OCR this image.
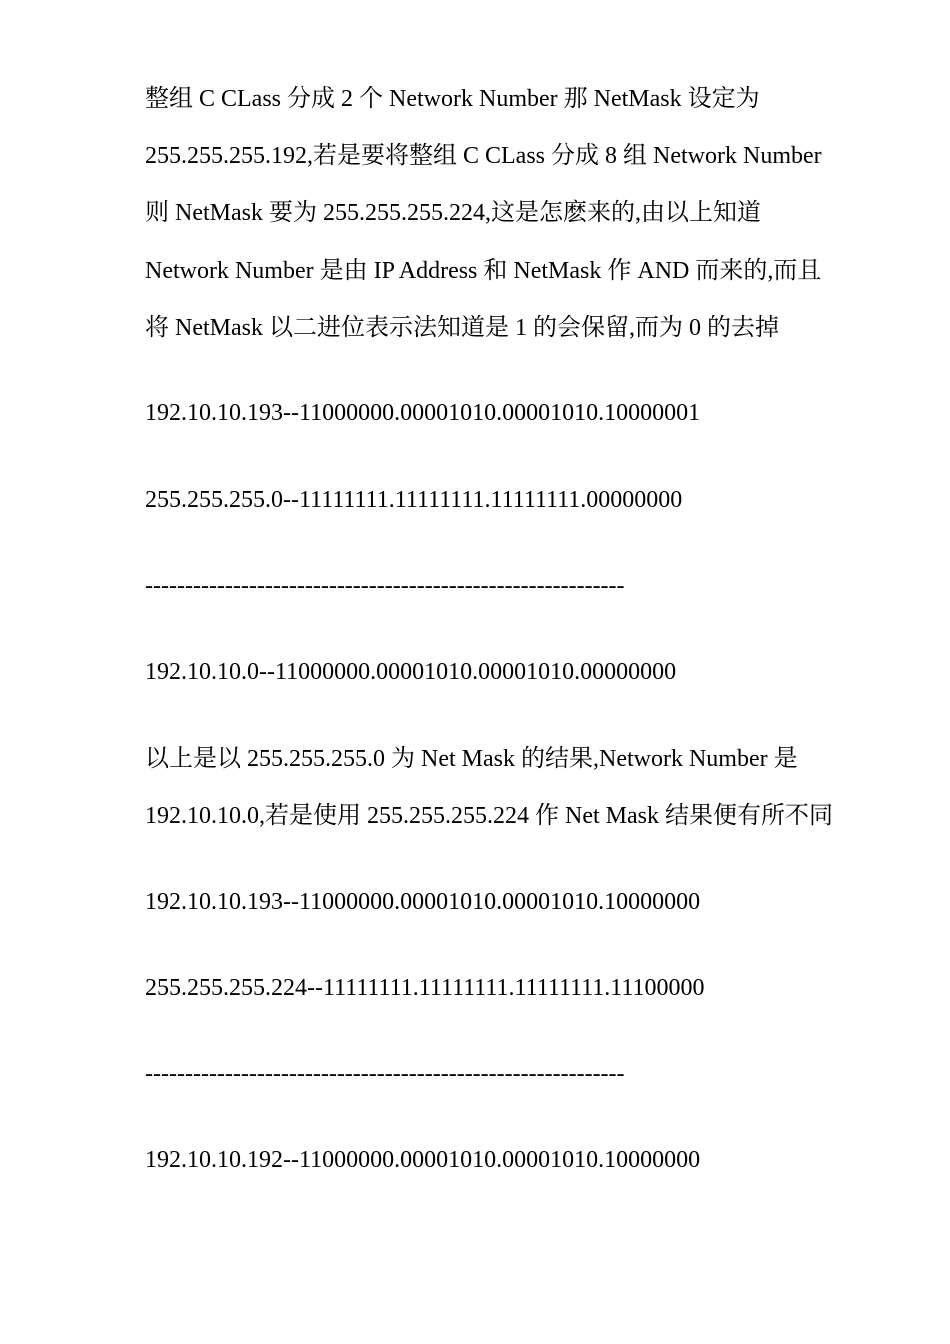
整组 C CLass 分成 2 个 Network Number 那 NetMask 设定为
255.255.255.192,若是要将整组 C CLass 分成 8 组 Network Number
则 NetMask 要为 255.255.255.224,这是怎麽来的,由以上知道
Network Number 是由 IP Address 和 NetMask 作 AND 而来的,而且
将 NetMask 以二进位表示法知道是 1 的会保留,而为 0 的去掉
192.10.10.193--11000000.00001010.00001010.10000001
255.255.255.0--11111111.11111111.11111111.00000000
------------------------------------------------------------
192.10.10.0--11000000.00001010.00001010.00000000
以上是以 255.255.255.0 为 Net Mask 的结果,Network Number 是
192.10.10.0,若是使用 255.255.255.224 作 Net Mask 结果便有所不同
192.10.10.193--11000000.00001010.00001010.10000000
255.255.255.224--11111111.11111111.11111111.11100000
------------------------------------------------------------
192.10.10.192--11000000.00001010.00001010.10000000
